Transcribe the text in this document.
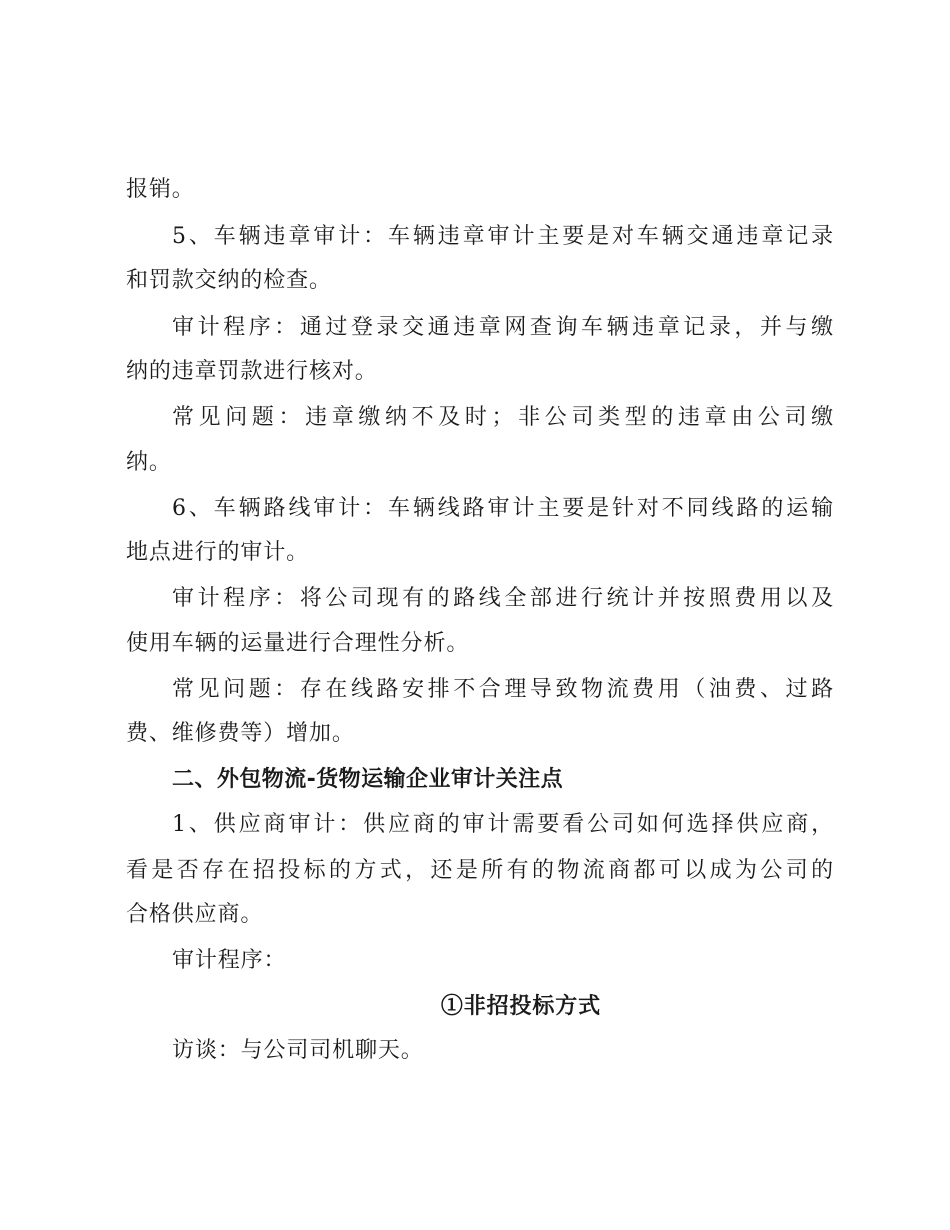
报销。
5、车辆违章审计：车辆违章审计主要是对车辆交通违章记录
和罚款交纳的检查。
审计程序：通过登录交通违章网查询车辆违章记录，并与缴
纳的违章罚款进行核对。
常见问题：违章缴纳不及时；非公司类型的违章由公司缴
纳。
6、车辆路线审计：车辆线路审计主要是针对不同线路的运输
地点进行的审计。
审计程序：将公司现有的路线全部进行统计并按照费用以及
使用车辆的运量进行合理性分析。
常见问题：存在线路安排不合理导致物流费用（油费、过路
费、维修费等）增加。
二、外包物流-货物运输企业审计关注点
1、供应商审计：供应商的审计需要看公司如何选择供应商，
看是否存在招投标的方式，还是所有的物流商都可以成为公司的
合格供应商。
审计程序：
①非招投标方式
访谈：与公司司机聊天。
